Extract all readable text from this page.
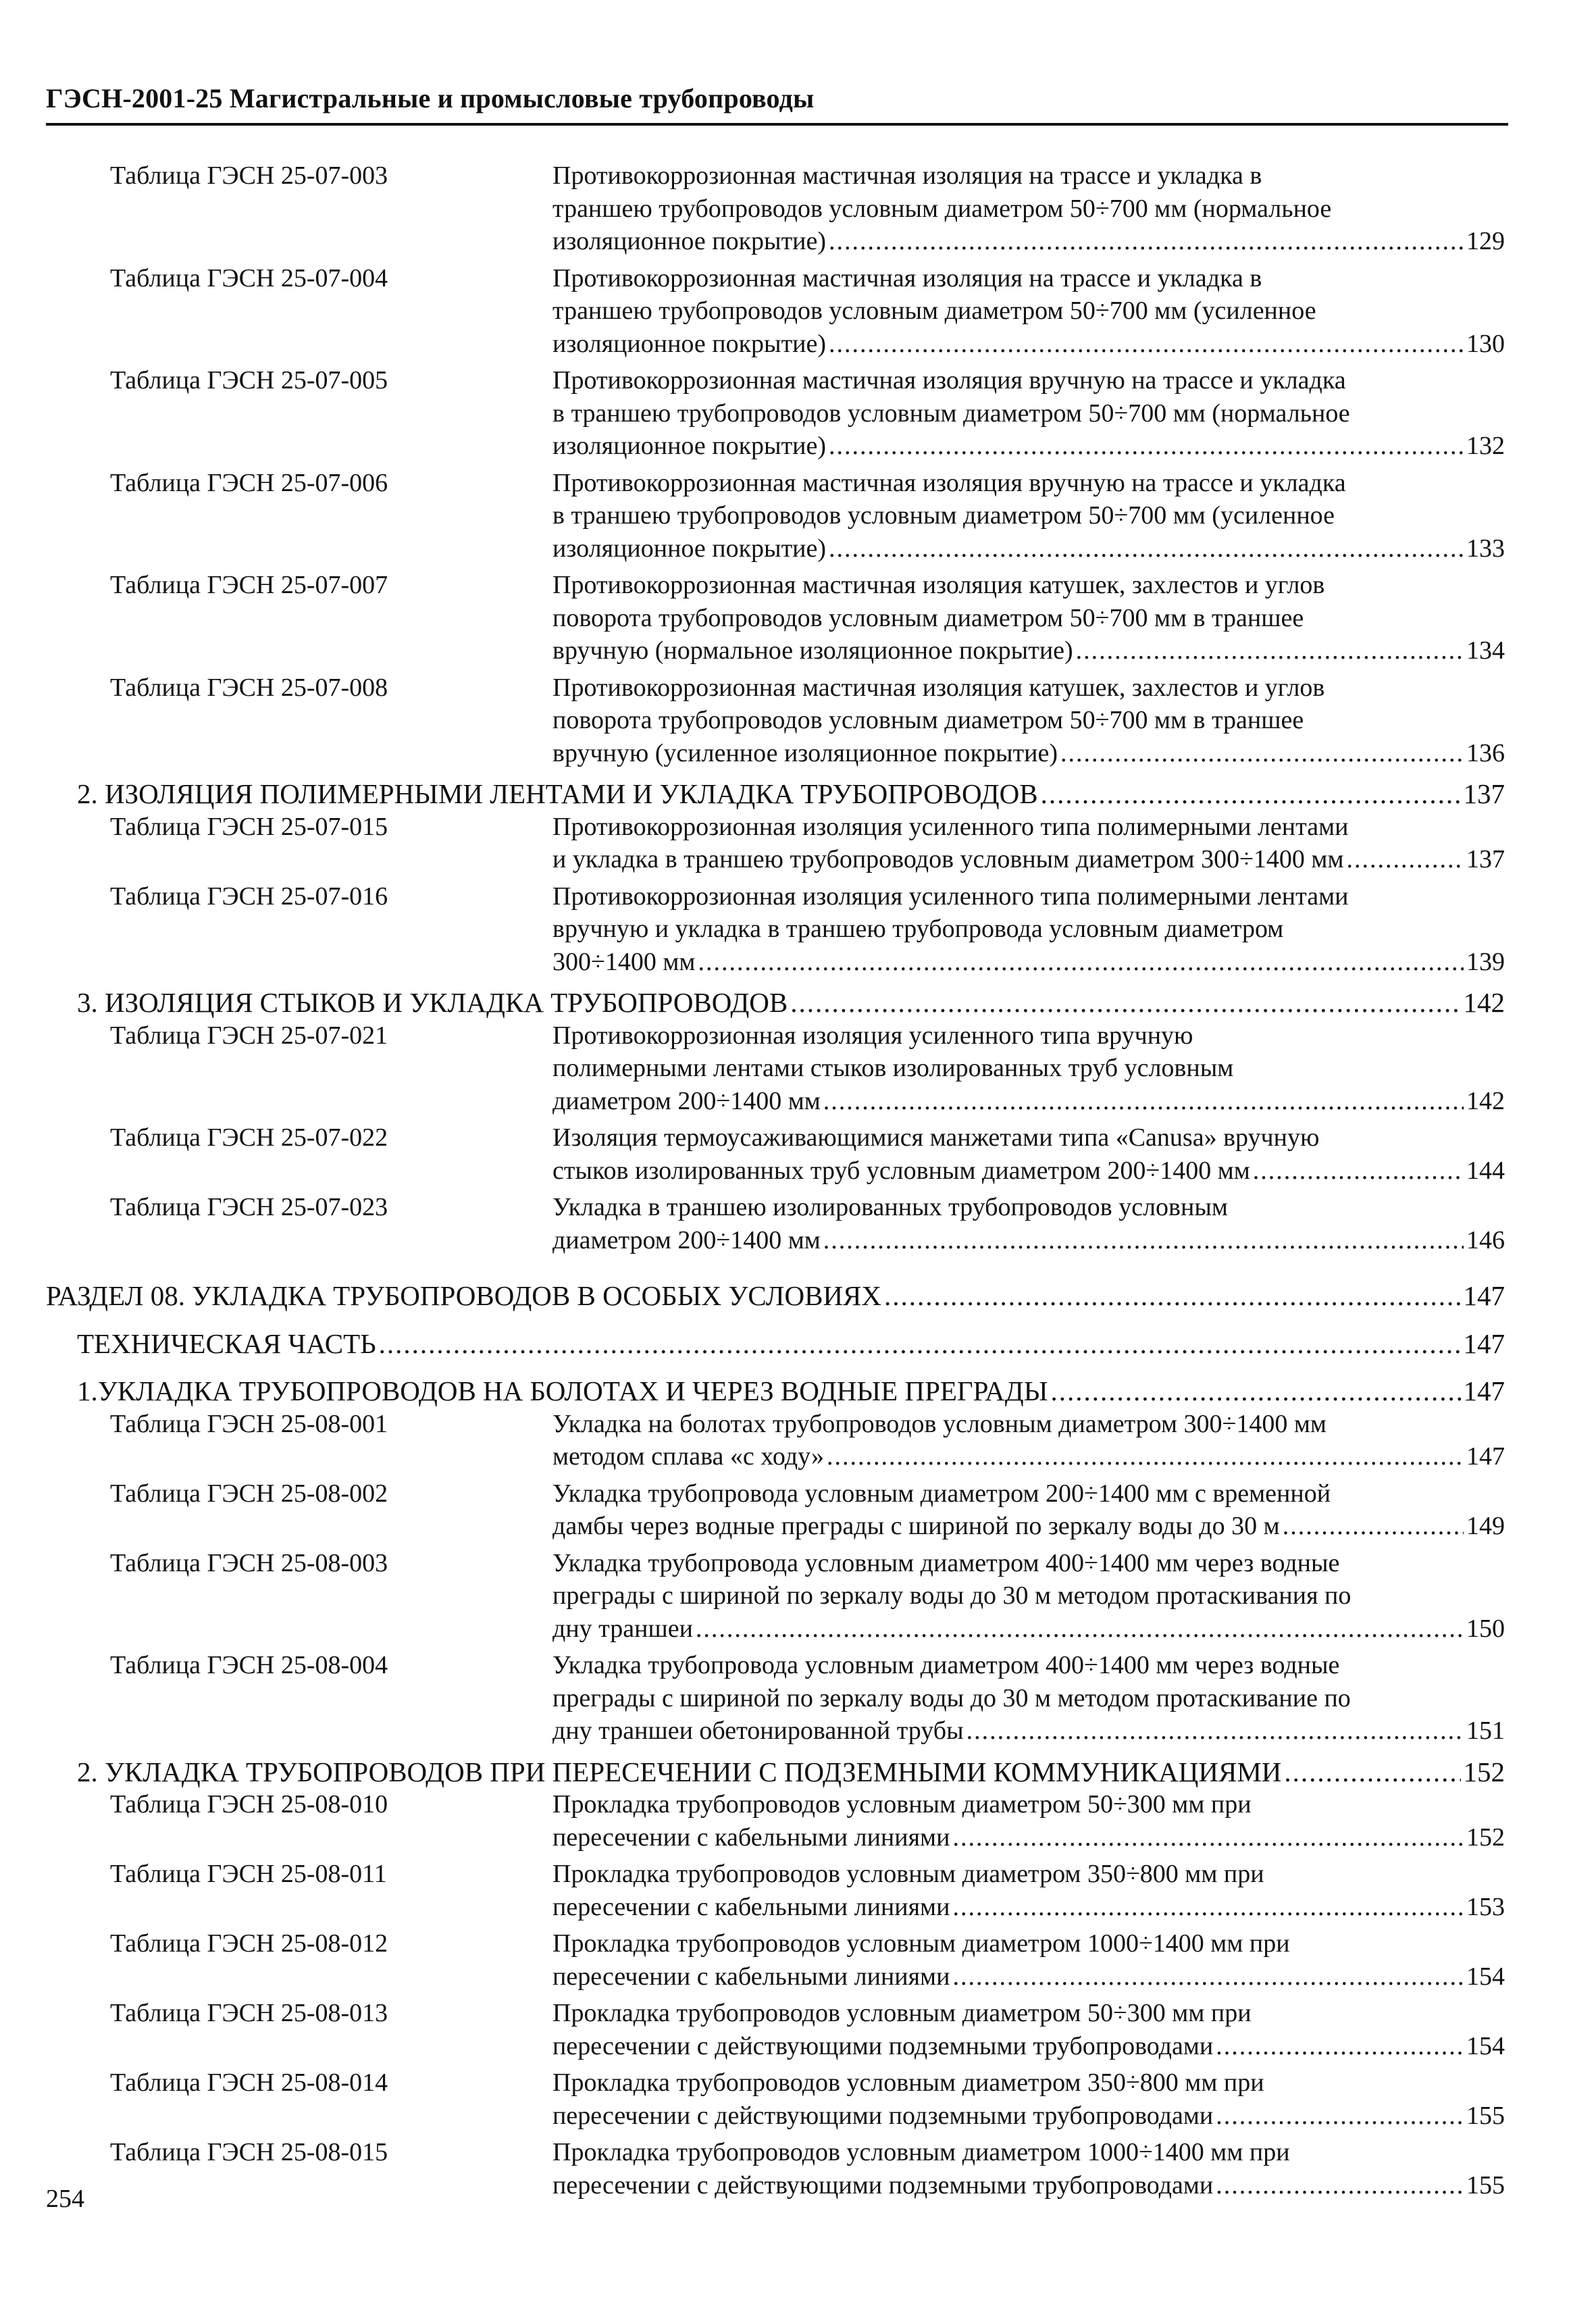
ГЭСН-2001-25 Магистральные и промысловые трубопроводы
Таблица ГЭСН 25-07-003	Противокоррозионная мастичная изоляция на трассе и укладка в
траншею трубопроводов условным диаметром 50÷700 мм (нормальное
изоляционное покрытие) .....	129
Таблица ГЭСН 25-07-004	Противокоррозионная мастичная изоляция на трассе и укладка в
траншею трубопроводов условным диаметром 50÷700 мм (усиленное
изоляционное покрытие) .....	130
Таблица ГЭСН 25-07-005	Противокоррозионная мастичная изоляция вручную на трассе и укладка
в траншею трубопроводов условным диаметром 50÷700 мм (нормальное
изоляционное покрытие) .....	132
Таблица ГЭСН 25-07-006	Противокоррозионная мастичная изоляция вручную на трассе и укладка
в траншею трубопроводов условным диаметром 50÷700 мм (усиленное
изоляционное покрытие) .....	133
Таблица ГЭСН 25-07-007	Противокоррозионная мастичная изоляция катушек, захлестов и углов
поворота трубопроводов условным диаметром 50÷700 мм в траншее
вручную (нормальное изоляционное покрытие) .....	134
Таблица ГЭСН 25-07-008	Противокоррозионная мастичная изоляция катушек, захлестов и углов
поворота трубопроводов условным диаметром 50÷700 мм в траншее
вручную (усиленное изоляционное покрытие) .....	136
2. ИЗОЛЯЦИЯ ПОЛИМЕРНЫМИ ЛЕНТАМИ И УКЛАДКА ТРУБОПРОВОДОВ .....	137
Таблица ГЭСН 25-07-015	Противокоррозионная изоляция усиленного типа полимерными лентами
и укладка в траншею трубопроводов условным диаметром 300÷1400 мм .....	137
Таблица ГЭСН 25-07-016	Противокоррозионная изоляция усиленного типа полимерными лентами
вручную и укладка в траншею трубопровода условным диаметром
300÷1400 мм .....	139
3. ИЗОЛЯЦИЯ СТЫКОВ И УКЛАДКА ТРУБОПРОВОДОВ .....	142
Таблица ГЭСН 25-07-021	Противокоррозионная изоляция усиленного типа вручную
полимерными лентами стыков изолированных труб условным
диаметром 200÷1400 мм .....	142
Таблица ГЭСН 25-07-022	Изоляция термоусаживающимися манжетами типа «Canusa» вручную
стыков изолированных труб условным диаметром 200÷1400 мм .....	144
Таблица ГЭСН 25-07-023	Укладка в траншею изолированных трубопроводов условным
диаметром 200÷1400 мм .....	146
РАЗДЕЛ 08. УКЛАДКА ТРУБОПРОВОДОВ В ОСОБЫХ УСЛОВИЯХ .....	147
ТЕХНИЧЕСКАЯ ЧАСТЬ .....	147
1.УКЛАДКА ТРУБОПРОВОДОВ НА БОЛОТАХ И ЧЕРЕЗ ВОДНЫЕ ПРЕГРАДЫ .....	147
Таблица ГЭСН 25-08-001	Укладка на болотах трубопроводов условным диаметром 300÷1400 мм
методом сплава «с ходу» .....	147
Таблица ГЭСН 25-08-002	Укладка трубопровода условным диаметром 200÷1400 мм с временной
дамбы через водные преграды с шириной по зеркалу воды до 30 м .....	149
Таблица ГЭСН 25-08-003	Укладка трубопровода условным диаметром 400÷1400 мм через водные
преграды с шириной по зеркалу воды до 30 м методом протаскивания по
дну траншеи .....	150
Таблица ГЭСН 25-08-004	Укладка трубопровода условным диаметром 400÷1400 мм через водные
преграды с шириной по зеркалу воды до 30 м методом протаскивание по
дну траншеи обетонированной трубы .....	151
2. УКЛАДКА ТРУБОПРОВОДОВ ПРИ ПЕРЕСЕЧЕНИИ С ПОДЗЕМНЫМИ КОММУНИКАЦИЯМИ .....	152
Таблица ГЭСН 25-08-010	Прокладка трубопроводов условным диаметром 50÷300 мм при
пересечении с кабельными линиями .....	152
Таблица ГЭСН 25-08-011	Прокладка трубопроводов условным диаметром 350÷800 мм при
пересечении с кабельными линиями .....	153
Таблица ГЭСН 25-08-012	Прокладка трубопроводов условным диаметром 1000÷1400 мм при
пересечении с кабельными линиями .....	154
Таблица ГЭСН 25-08-013	Прокладка трубопроводов условным диаметром 50÷300 мм при
пересечении с действующими подземными трубопроводами .....	154
Таблица ГЭСН 25-08-014	Прокладка трубопроводов условным диаметром 350÷800 мм при
пересечении с действующими подземными трубопроводами .....	155
Таблица ГЭСН 25-08-015	Прокладка трубопроводов условным диаметром 1000÷1400 мм при
пересечении с действующими подземными трубопроводами .....	155
254
